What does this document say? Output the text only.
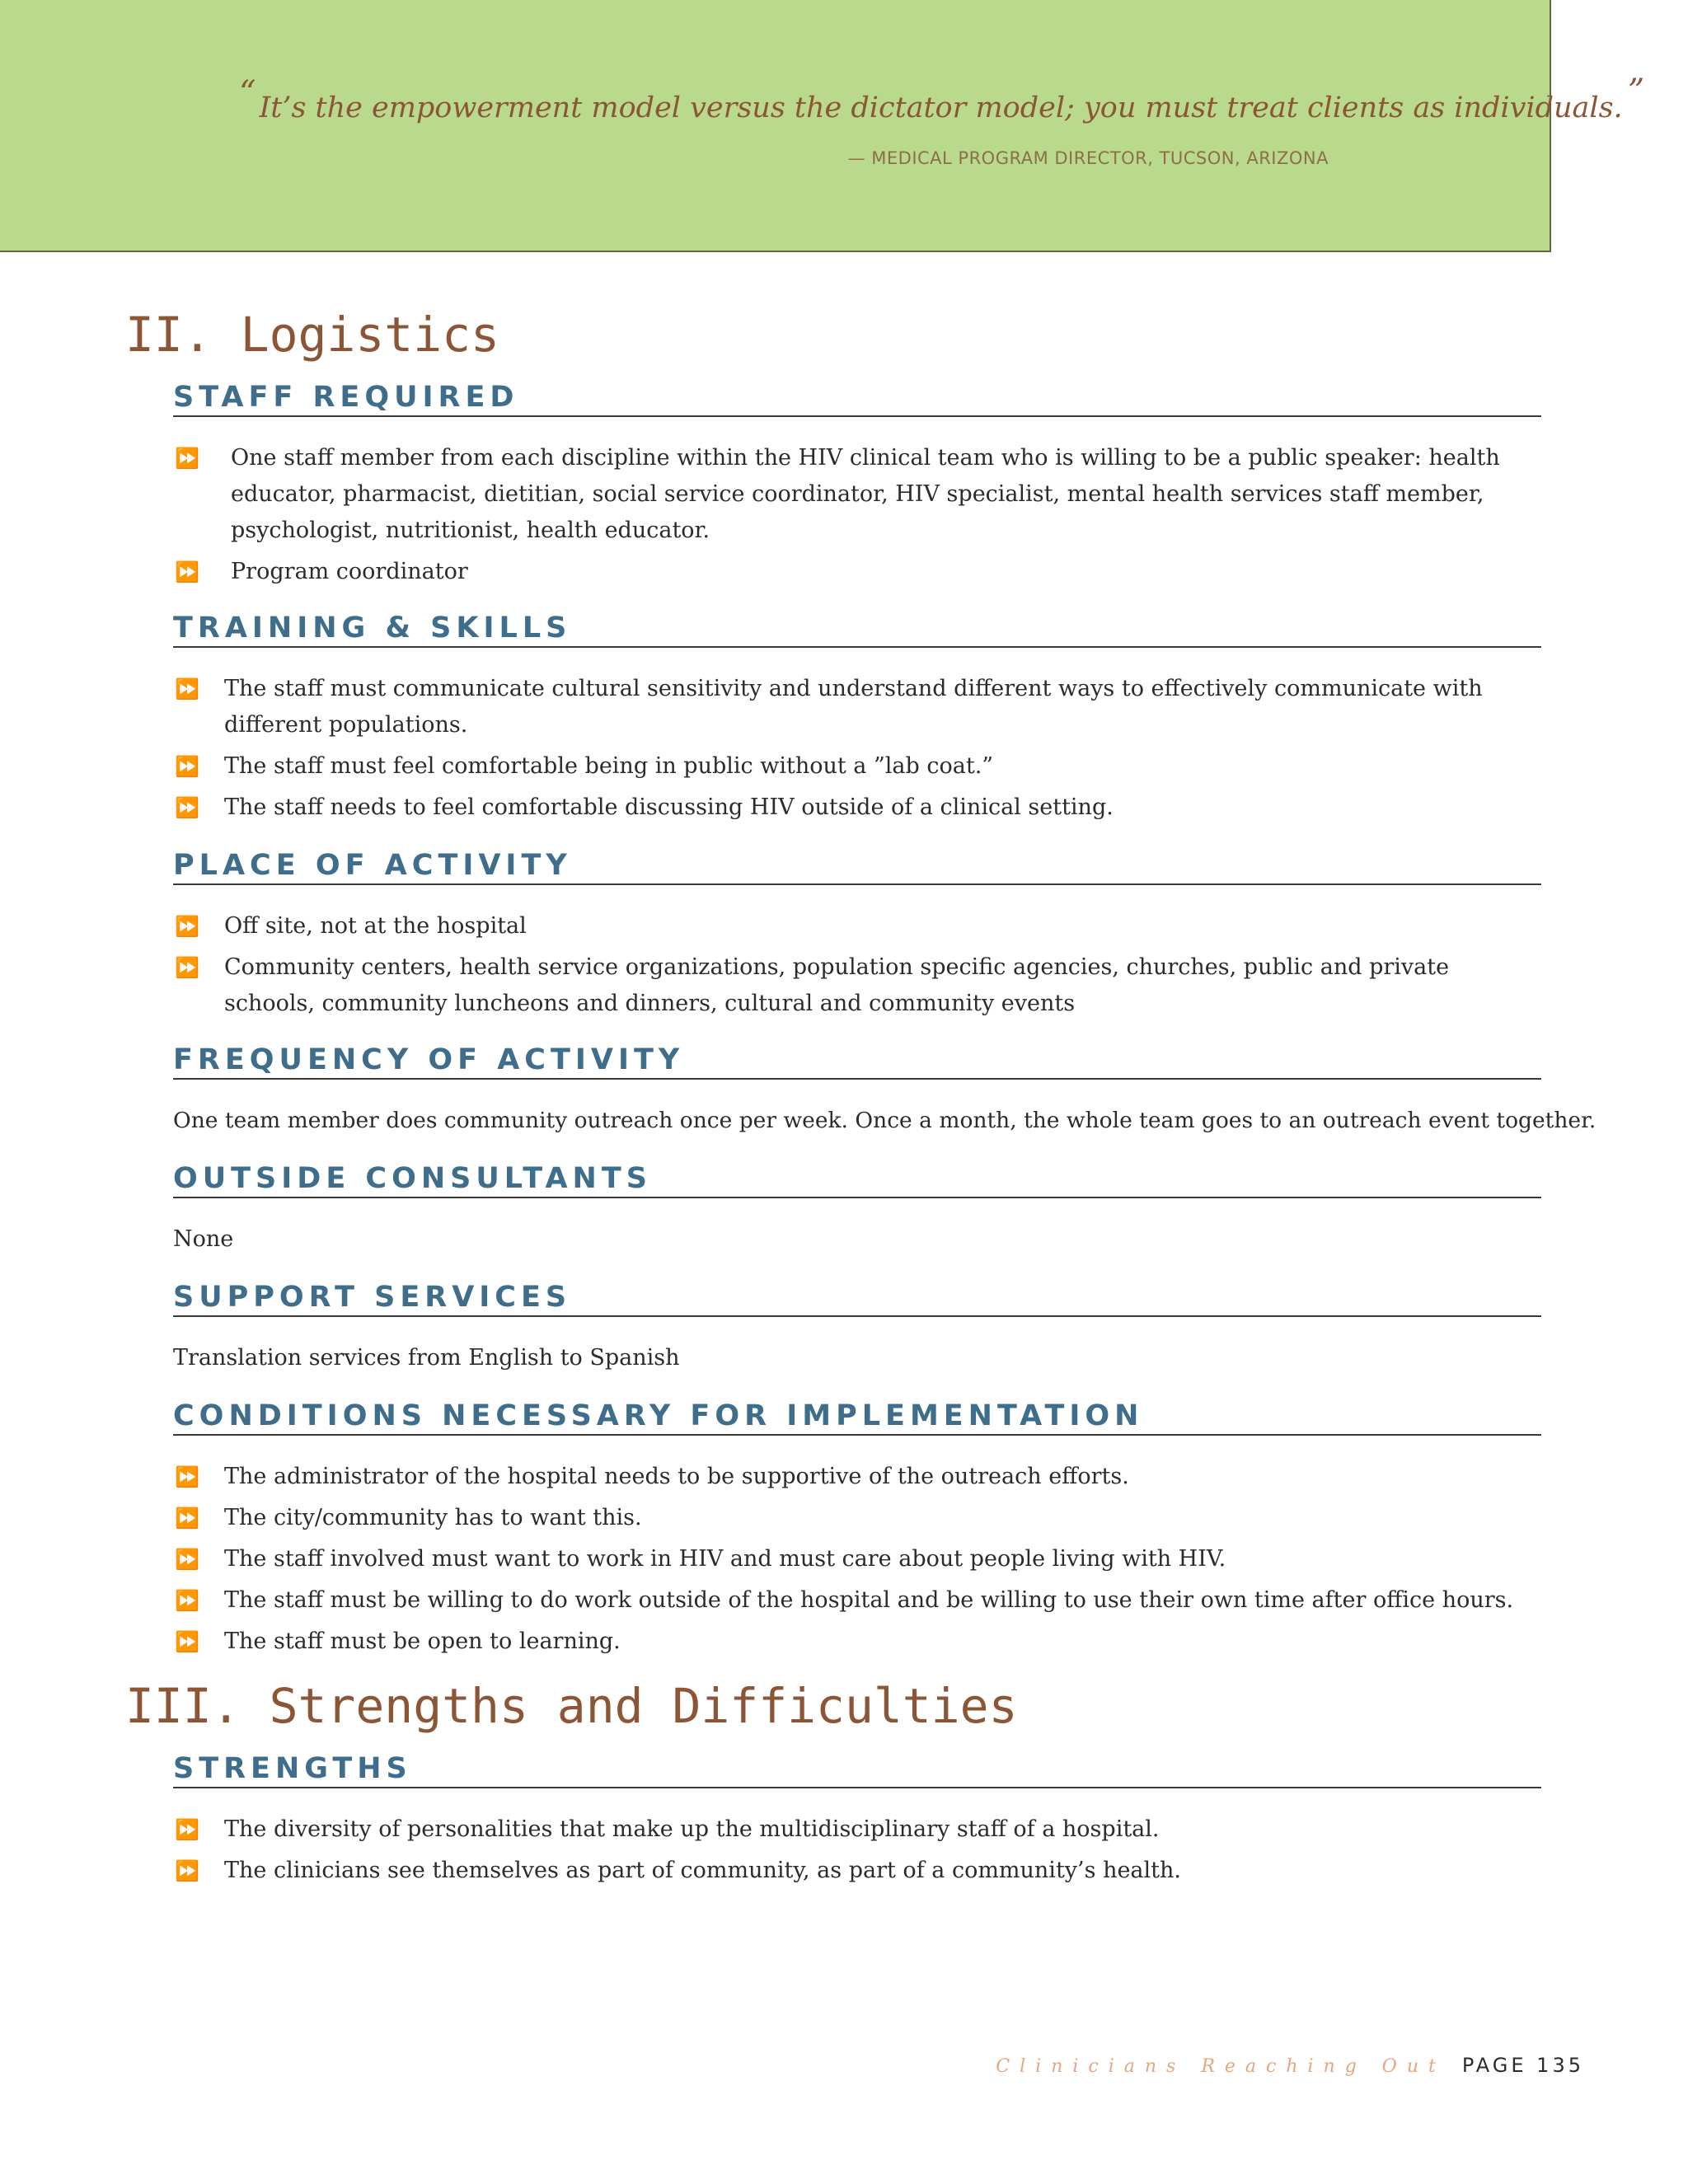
“ It’s the empowerment model versus the dictator model; you must treat clients as individuals. ”
— MEDICAL PROGRAM DIRECTOR, TUCSON, ARIZONA
II. Logistics
STAFF REQUIRED
⏩ One staff member from each discipline within the HIV clinical team who is willing to be a public speaker: health educator, pharmacist, dietitian, social service coordinator, HIV specialist, mental health services staff member, psychologist, nutritionist, health educator.
⏩ Program coordinator
TRAINING & SKILLS
⏩ The staff must communicate cultural sensitivity and understand different ways to effectively communicate with different populations.
⏩ The staff must feel comfortable being in public without a ”lab coat.”
⏩ The staff needs to feel comfortable discussing HIV outside of a clinical setting.
PLACE OF ACTIVITY
⏩ Off site, not at the hospital
⏩ Community centers, health service organizations, population specific agencies, churches, public and private schools, community luncheons and dinners, cultural and community events
FREQUENCY OF ACTIVITY
One team member does community outreach once per week. Once a month, the whole team goes to an outreach event together.
OUTSIDE CONSULTANTS
None
SUPPORT SERVICES
Translation services from English to Spanish
CONDITIONS NECESSARY FOR IMPLEMENTATION
⏩ The administrator of the hospital needs to be supportive of the outreach efforts.
⏩ The city/community has to want this.
⏩ The staff involved must want to work in HIV and must care about people living with HIV.
⏩ The staff must be willing to do work outside of the hospital and be willing to use their own time after office hours.
⏩ The staff must be open to learning.
III. Strengths and Difficulties
STRENGTHS
⏩ The diversity of personalities that make up the multidisciplinary staff of a hospital.
⏩ The clinicians see themselves as part of community, as part of a community’s health.
Clinicians Reaching Out PAGE 135
